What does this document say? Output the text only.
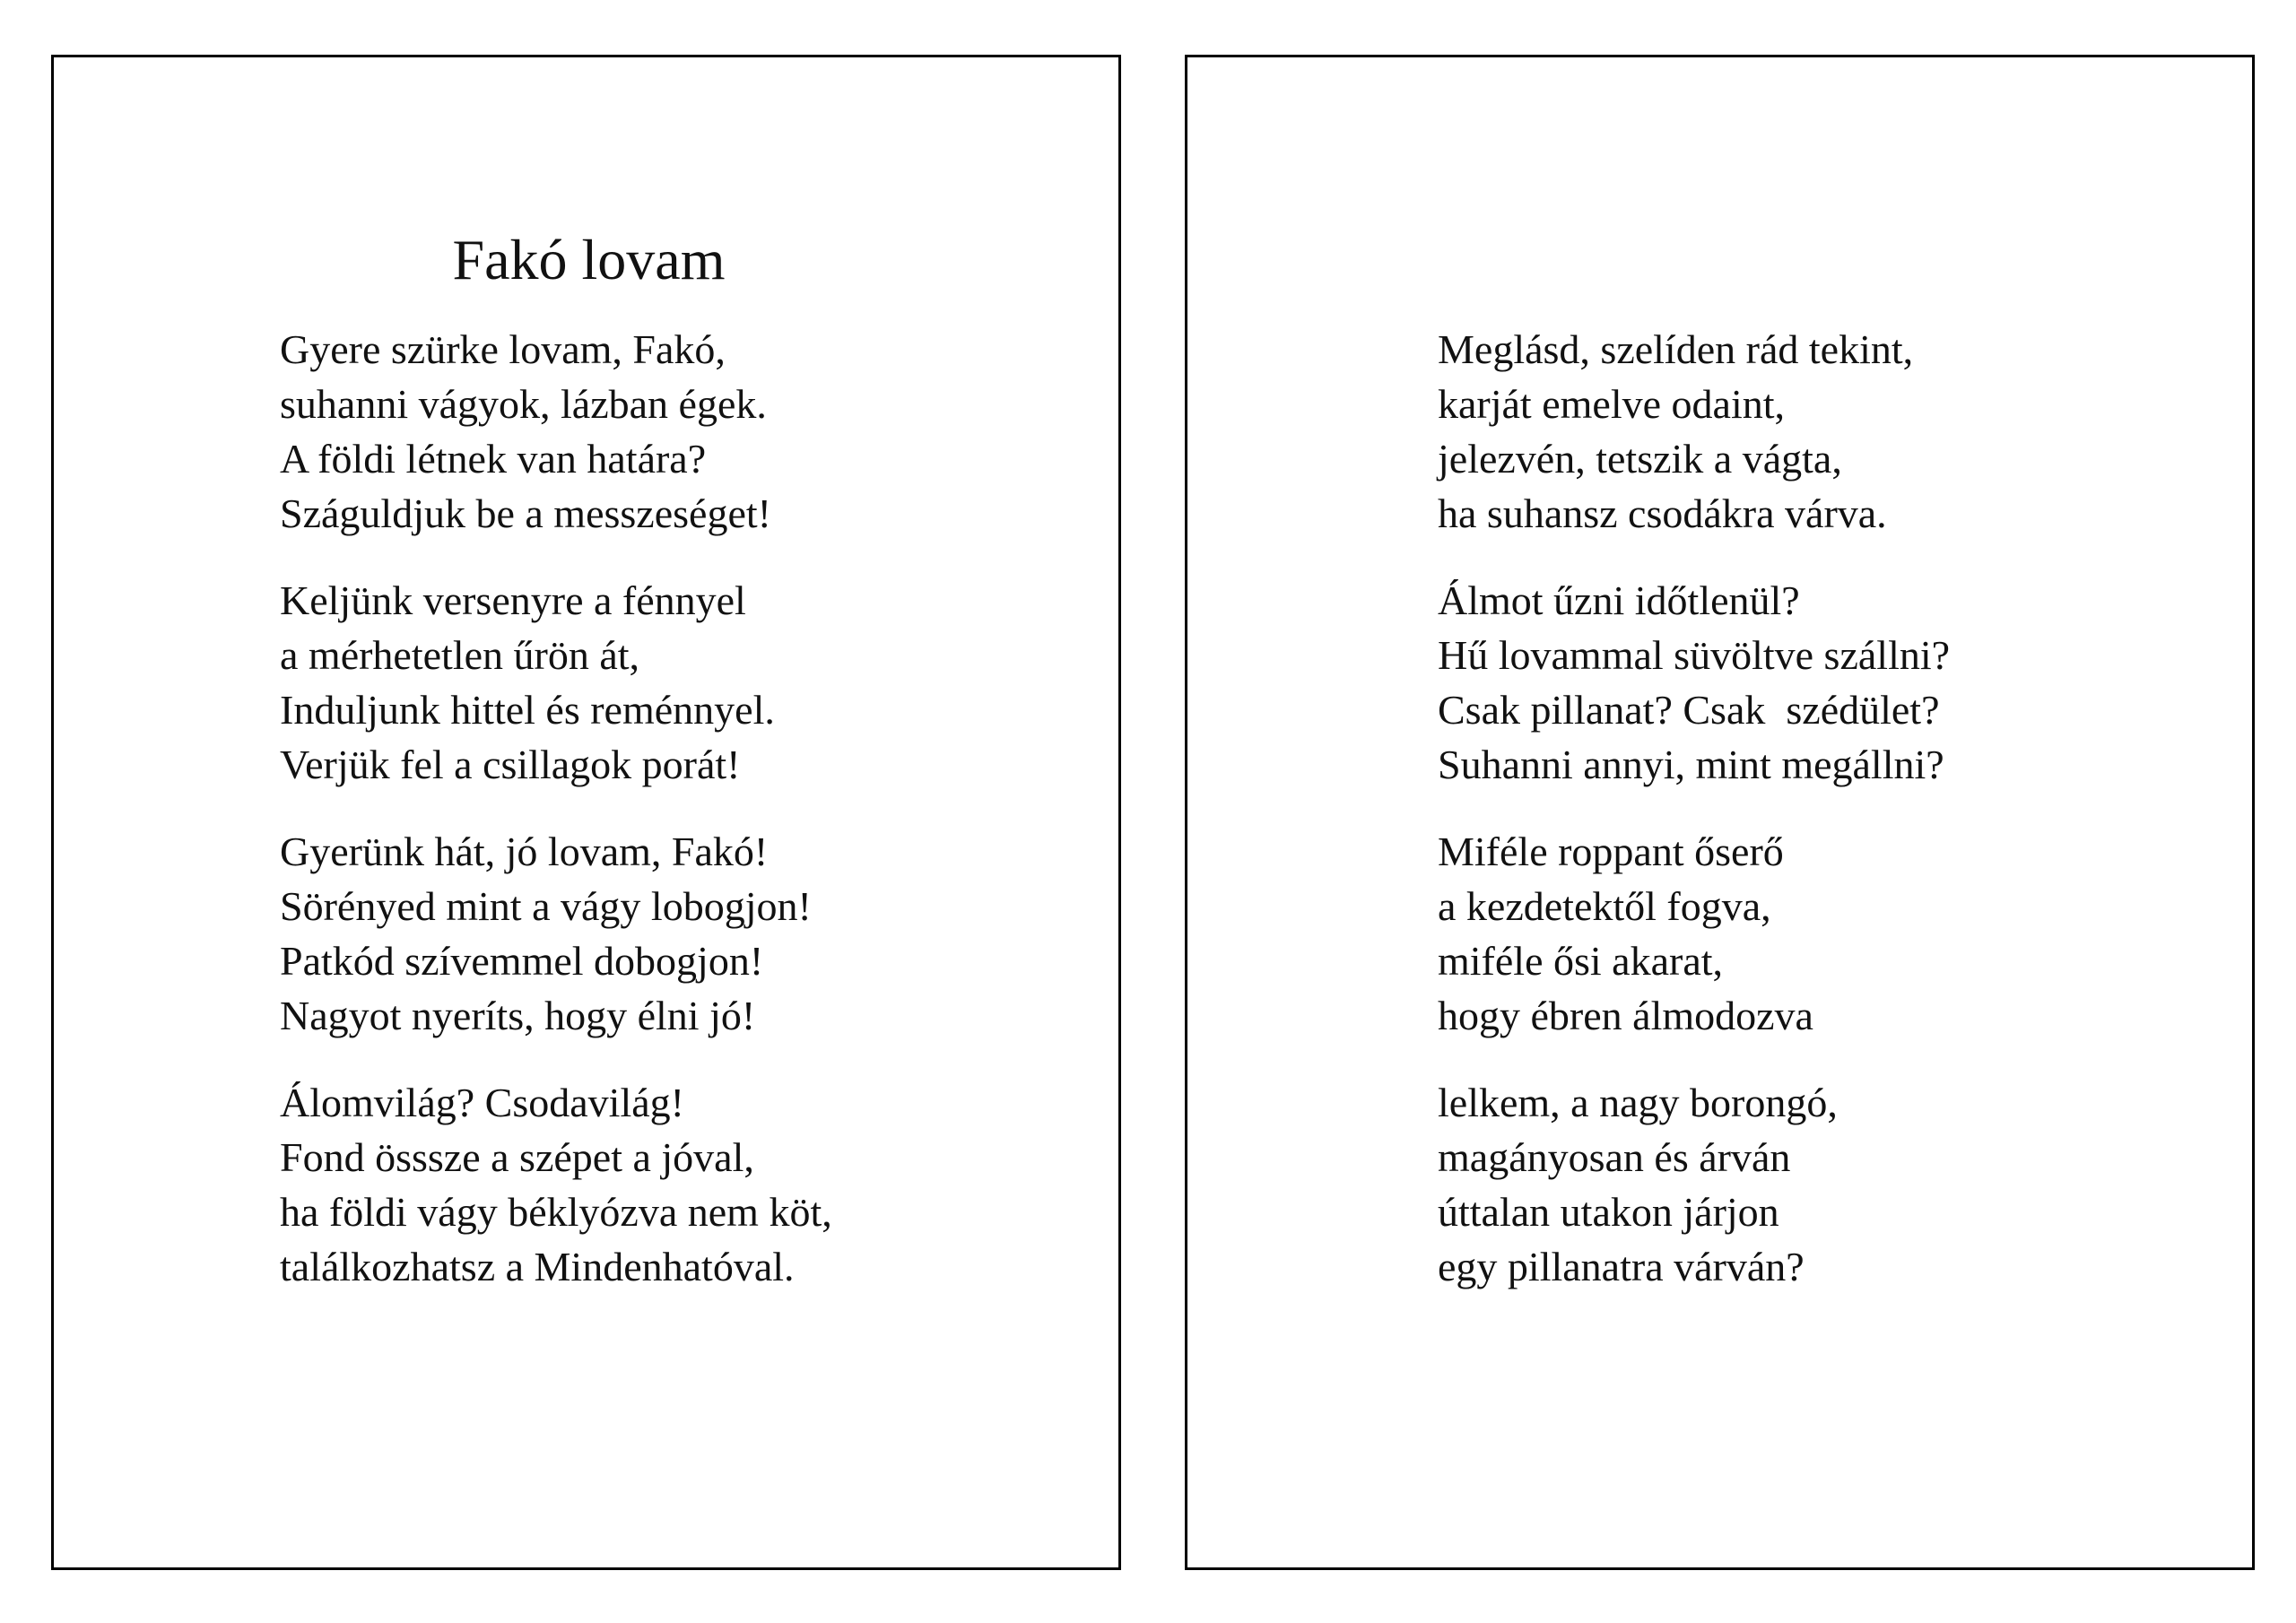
Fakó lovam
Gyere szürke lovam, Fakó,
suhanni vágyok, lázban égek.
A földi létnek van határa?
Száguldjuk be a messzeséget!
Keljünk versenyre a fénnyel
a mérhetetlen űrön át,
Induljunk hittel és reménnyel.
Verjük fel a csillagok porát!
Gyerünk hát, jó lovam, Fakó!
Sörényed mint a vágy lobogjon!
Patkód szívemmel dobogjon!
Nagyot nyeríts, hogy élni jó!
Álomvilág? Csodavilág!
Fond össsze a szépet a jóval,
ha földi vágy béklyózva nem köt,
találkozhatsz a Mindenhatóval.
Meglásd, szelíden rád tekint,
karját emelve odaint,
jelezvén, tetszik a vágta,
ha suhansz csodákra várva.
Álmot űzni időtlenül?
Hű lovammal süvöltve szállni?
Csak pillanat? Csak  szédület?
Suhanni annyi, mint megállni?
Miféle roppant őserő
a kezdetektől fogva,
miféle ősi akarat,
hogy ébren álmodozva
lelkem, a nagy borongó,
magányosan és árván
úttalan utakon járjon
egy pillanatra várván?
